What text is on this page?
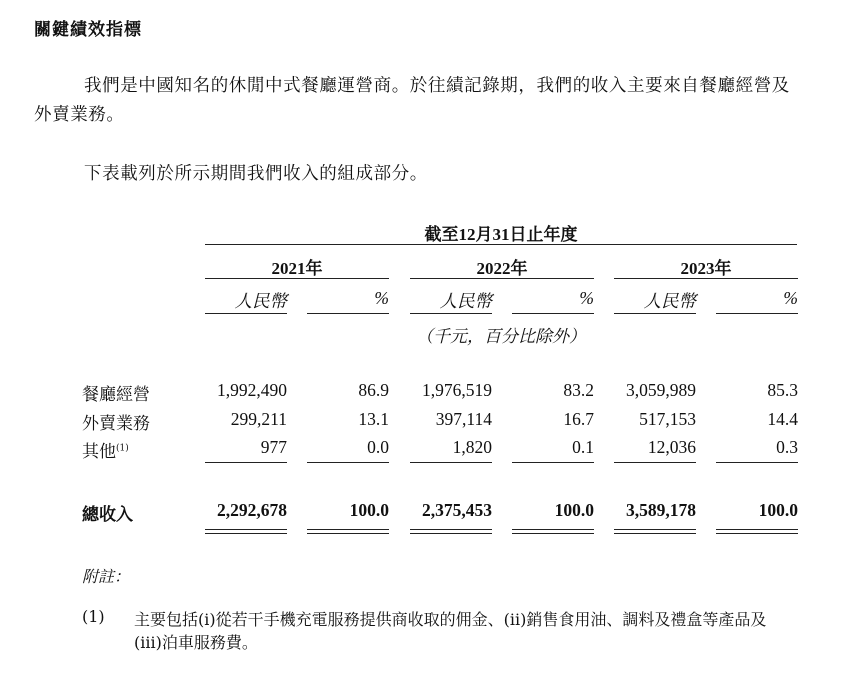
關鍵績效指標
我們是中國知名的休閒中式餐廳運營商。於往績記錄期，我們的收入主要來自餐廳經營及外賣業務。
下表載列於所示期間我們收入的組成部分。
截至12月31日止年度
2021年	2022年	2023年
人民幣	%	人民幣	%	人民幣	%
（千元，百分比除外）
餐廳經營	1,992,490	86.9	1,976,519	83.2	3,059,989	85.3
外賣業務	299,211	13.1	397,114	16.7	517,153	14.4
其他$^{(1)}$	977	0.0	1,820	0.1	12,036	0.3
總收入	2,292,678	100.0	2,375,453	100.0	3,589,178	100.0
附註：
(1) 主要包括(i)從若干手機充電服務提供商收取的佣金、(ii)銷售食用油、調料及禮盒等產品及
(iii)泊車服務費。
